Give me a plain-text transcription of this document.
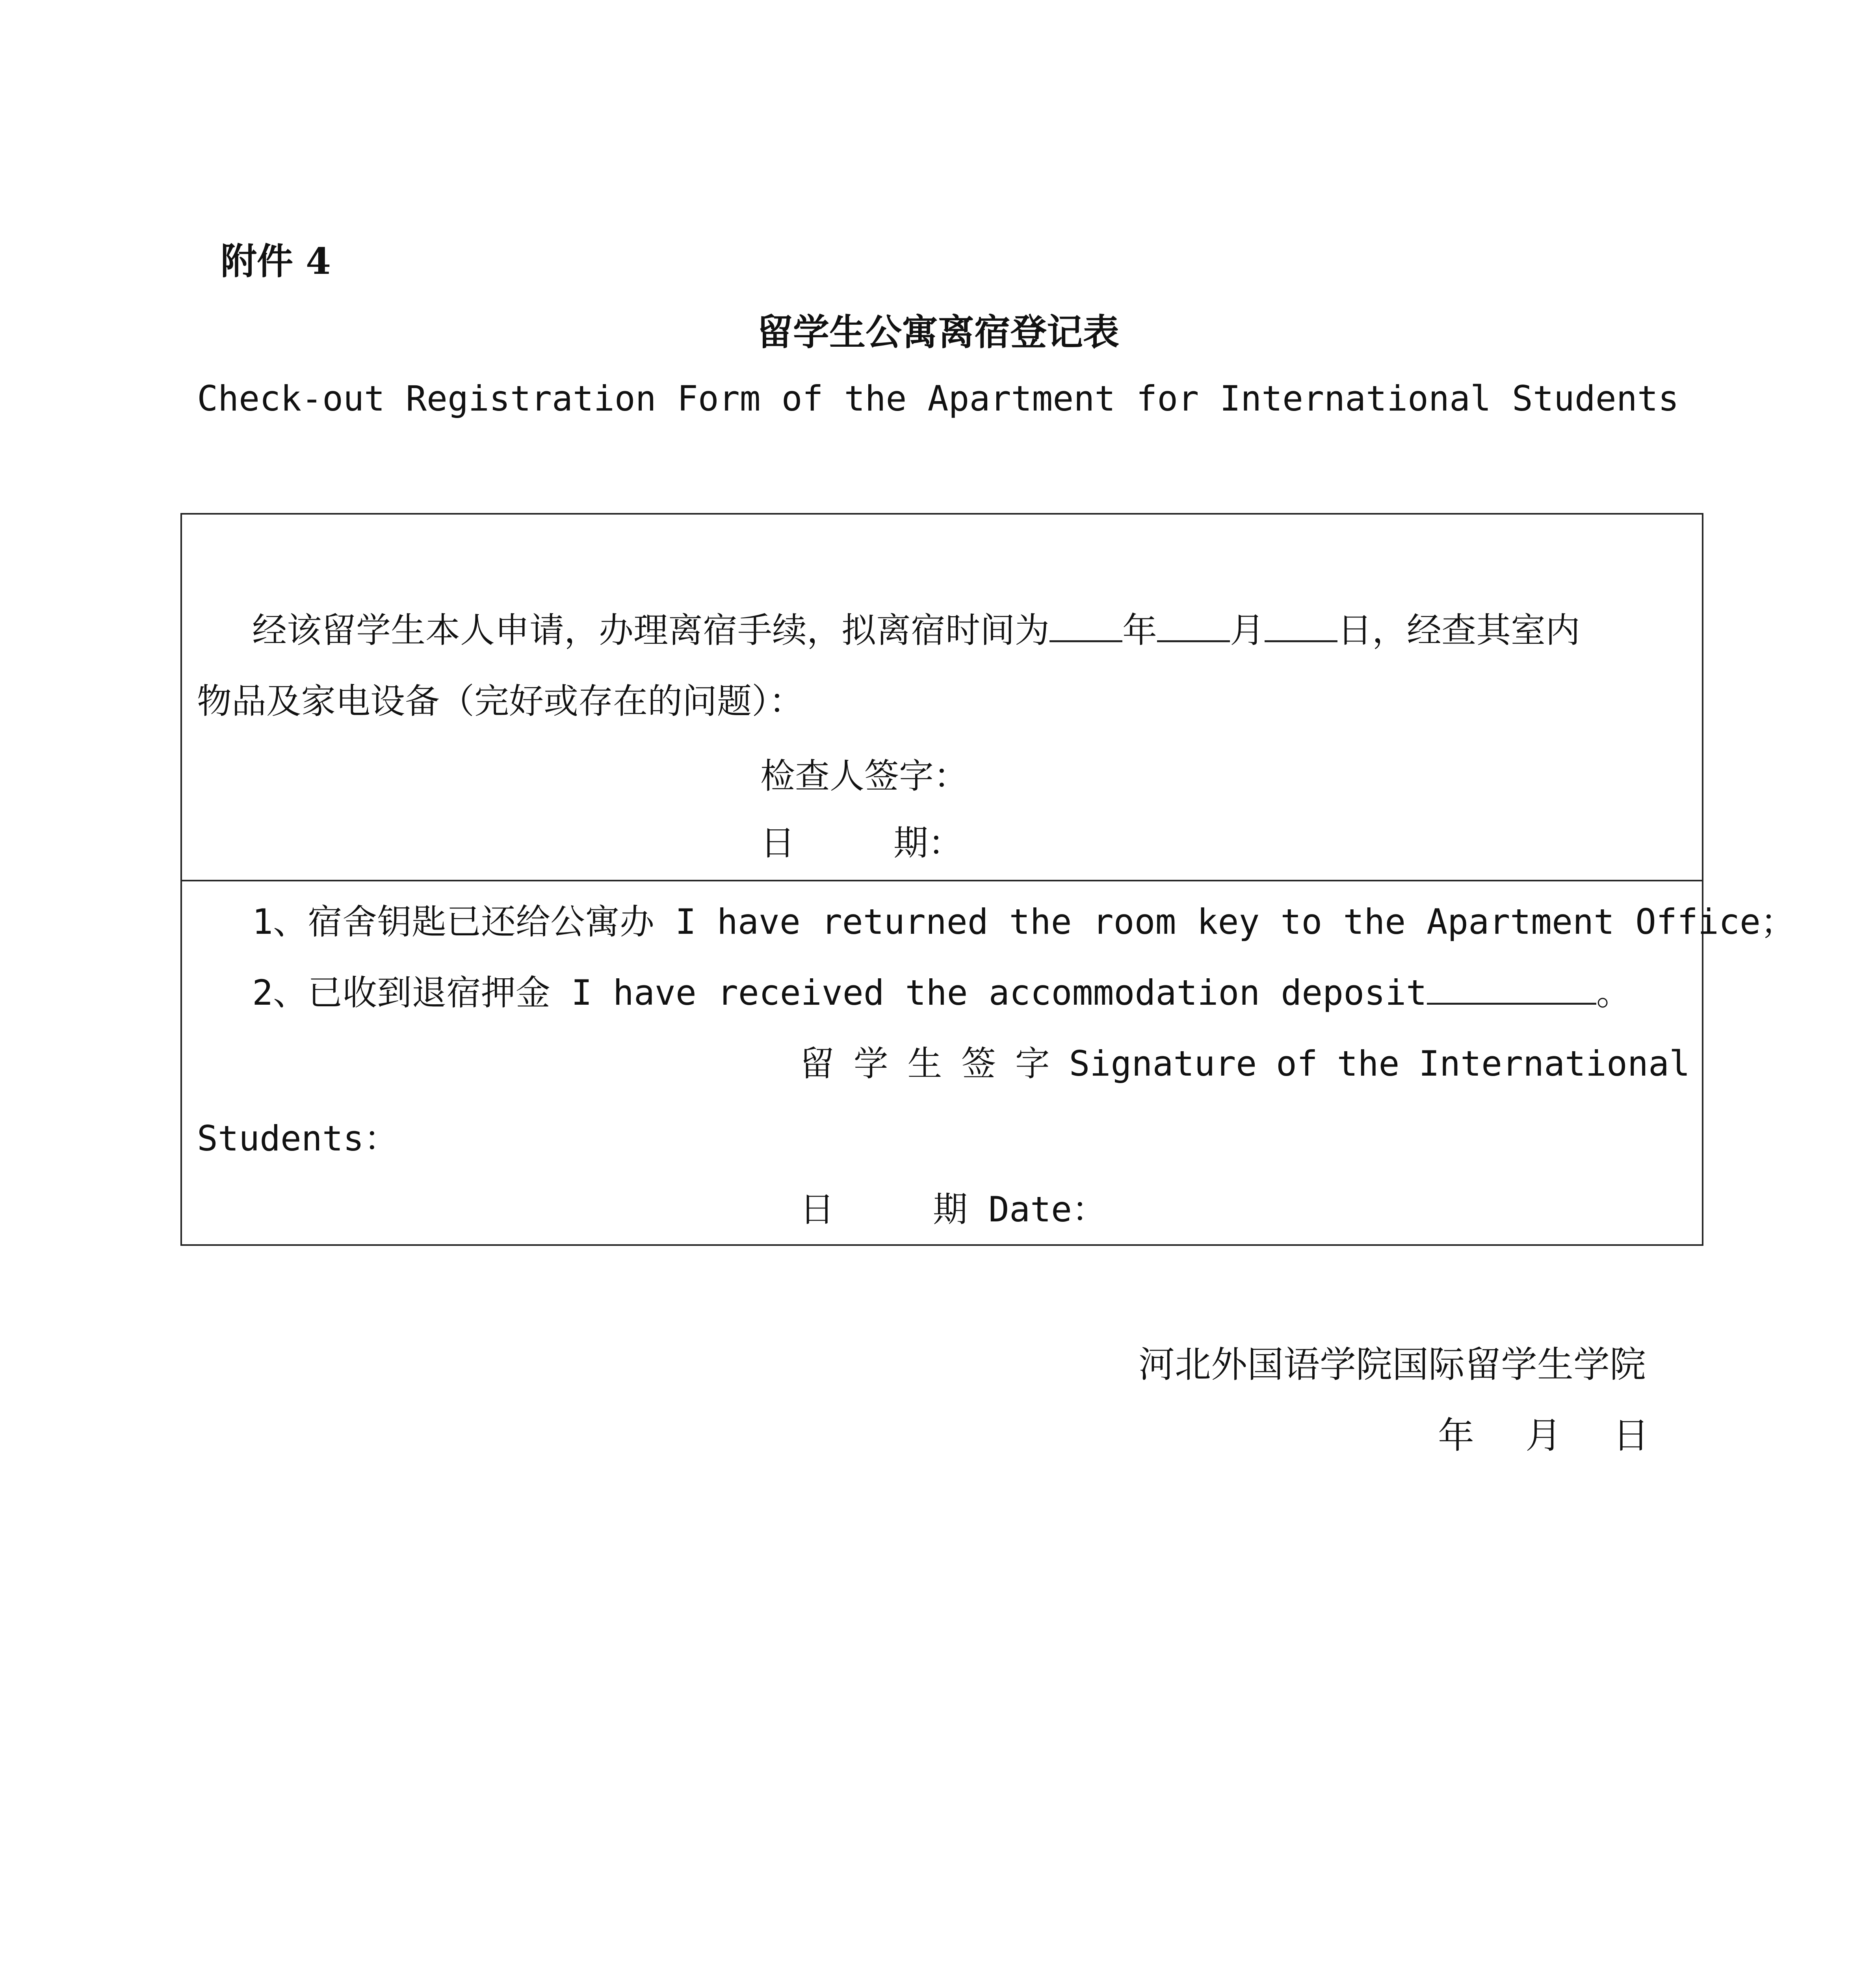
附件 4
留学生公寓离宿登记表
Check-out Registration Form of the Apartment for International Students
经该留学生本人申请，办理离宿手续，拟离宿时间为 年 月 日，经查其室内
物品及家电设备（完好或存在的问题）：
检查人签字：
日	期：
1、宿舍钥匙已还给公寓办 I have returned the room key to the Apartment Office；
2、已收到退宿押金 I have received the accommodation deposit	。
留 学 生 签 字 Signature of the International
Students：
日	期 Date：
河北外国语学院国际留学生学院
年 月 日
